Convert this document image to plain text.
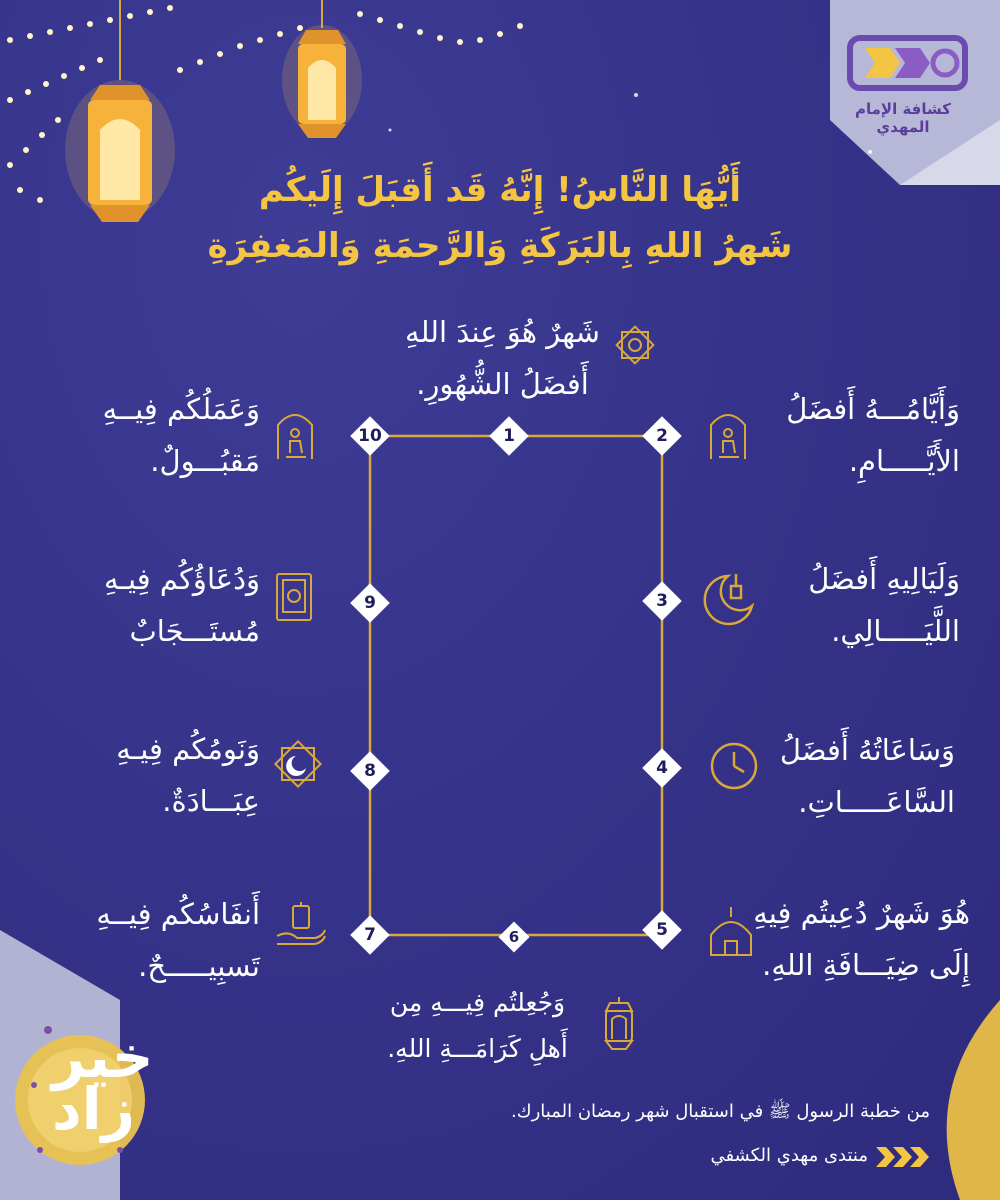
كشافة الإمام المهدي
أَيُّهَا النَّاسُ! إِنَّهُ قَد أَقبَلَ إِلَيكُم
شَهرُ اللهِ بِالبَرَكَةِ وَالرَّحمَةِ وَالمَغفِرَةِ
شَهرٌ هُوَ عِندَ اللهِ
أَفضَلُ الشُّهُورِ.
وَأَيَّامُـــهُ أَفضَلُ
الأَيَّـــــامِ.
وَلَيَالِيهِ أَفضَلُ
اللَّيَـــــالِي.
وَسَاعَاتُهُ أَفضَلُ
السَّاعَـــــاتِ.
هُوَ شَهرٌ دُعِيتُم فِيهِ
إِلَى ضِيَـــافَةِ اللهِ.
وَجُعِلتُم فِيـــهِ مِن
أَهلِ كَرَامَـــةِ اللهِ.
أَنفَاسُكُم فِيــهِ
تَسبِيـــــحٌ.
وَنَومُكُم فِيـهِ
عِبَـــادَةٌ.
وَدُعَاؤُكُم فِيـهِ
مُستَـــجَابٌ
وَعَمَلُكُم فِيــهِ
مَقبُـــولٌ.
1	2
3
4
5
6
7
8
9
10
خير
زاد	من خطبة الرسول ﷺ في استقبال شهر رمضان المبارك.
منتدى مهدي الكشفي
